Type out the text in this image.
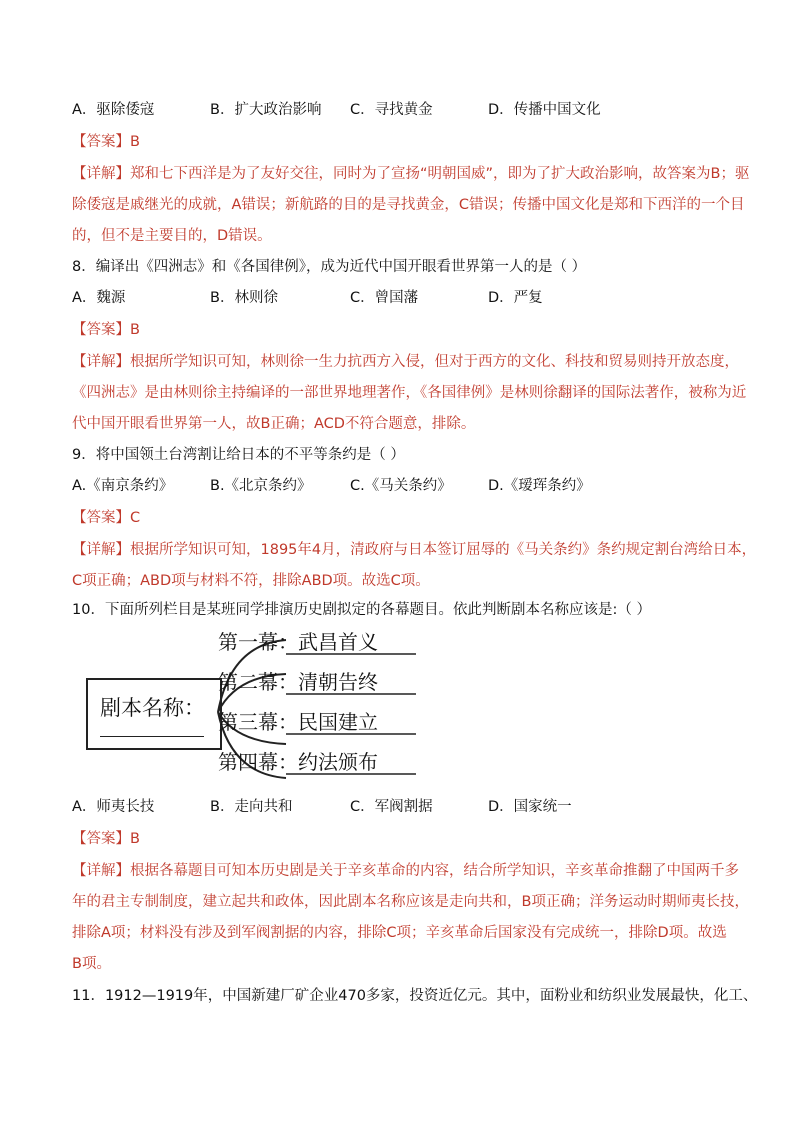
A．驱除倭寇	B．扩大政治影响 C．寻找黄金	D．传播中国文化
【答案】B
【详解】郑和七下西洋是为了友好交往，同时为了宣扬“明朝国威”，即为了扩大政治影响，故答案为B；驱
除倭寇是戚继光的成就，A错误；新航路的目的是寻找黄金，C错误；传播中国文化是郑和下西洋的一个目
的，但不是主要目的，D错误。
8．编译出《四洲志》和《各国律例》，成为近代中国开眼看世界第一人的是（ ）
A．魏源	B．林则徐	C．曾国藩	D．严复
【答案】B
【详解】根据所学知识可知，林则徐一生力抗西方入侵，但对于西方的文化、科技和贸易则持开放态度，
《四洲志》是由林则徐主持编译的一部世界地理著作，《各国律例》是林则徐翻译的国际法著作，被称为近
代中国开眼看世界第一人，故B正确；ACD不符合题意，排除。
9．将中国领土台湾割让给日本的不平等条约是（ ）
A.《南京条约》	B.《北京条约》	C.《马关条约》	D.《瑷珲条约》
【答案】C
【详解】根据所学知识可知，1895年4月，清政府与日本签订屈辱的《马关条约》条约规定割台湾给日本，
C项正确；ABD项与材料不符，排除ABD项。故选C项。
10．下面所列栏目是某班同学排演历史剧拟定的各幕题目。依此判断剧本名称应该是:（ ）
剧本名称：
第一幕：武昌首义
第二幕：清朝告终
第三幕：民国建立
第四幕：约法颁布
A．师夷长技	B．走向共和	C．军阀割据	D．国家统一
【答案】B
【详解】根据各幕题目可知本历史剧是关于辛亥革命的内容，结合所学知识，辛亥革命推翻了中国两千多
年的君主专制制度，建立起共和政体，因此剧本名称应该是走向共和，B项正确；洋务运动时期师夷长技，
排除A项；材料没有涉及到军阀割据的内容，排除C项；辛亥革命后国家没有完成统一，排除D项。故选
B项。
11．1912—1919年，中国新建厂矿企业470多家，投资近亿元。其中，面粉业和纺织业发展最快，化工、
